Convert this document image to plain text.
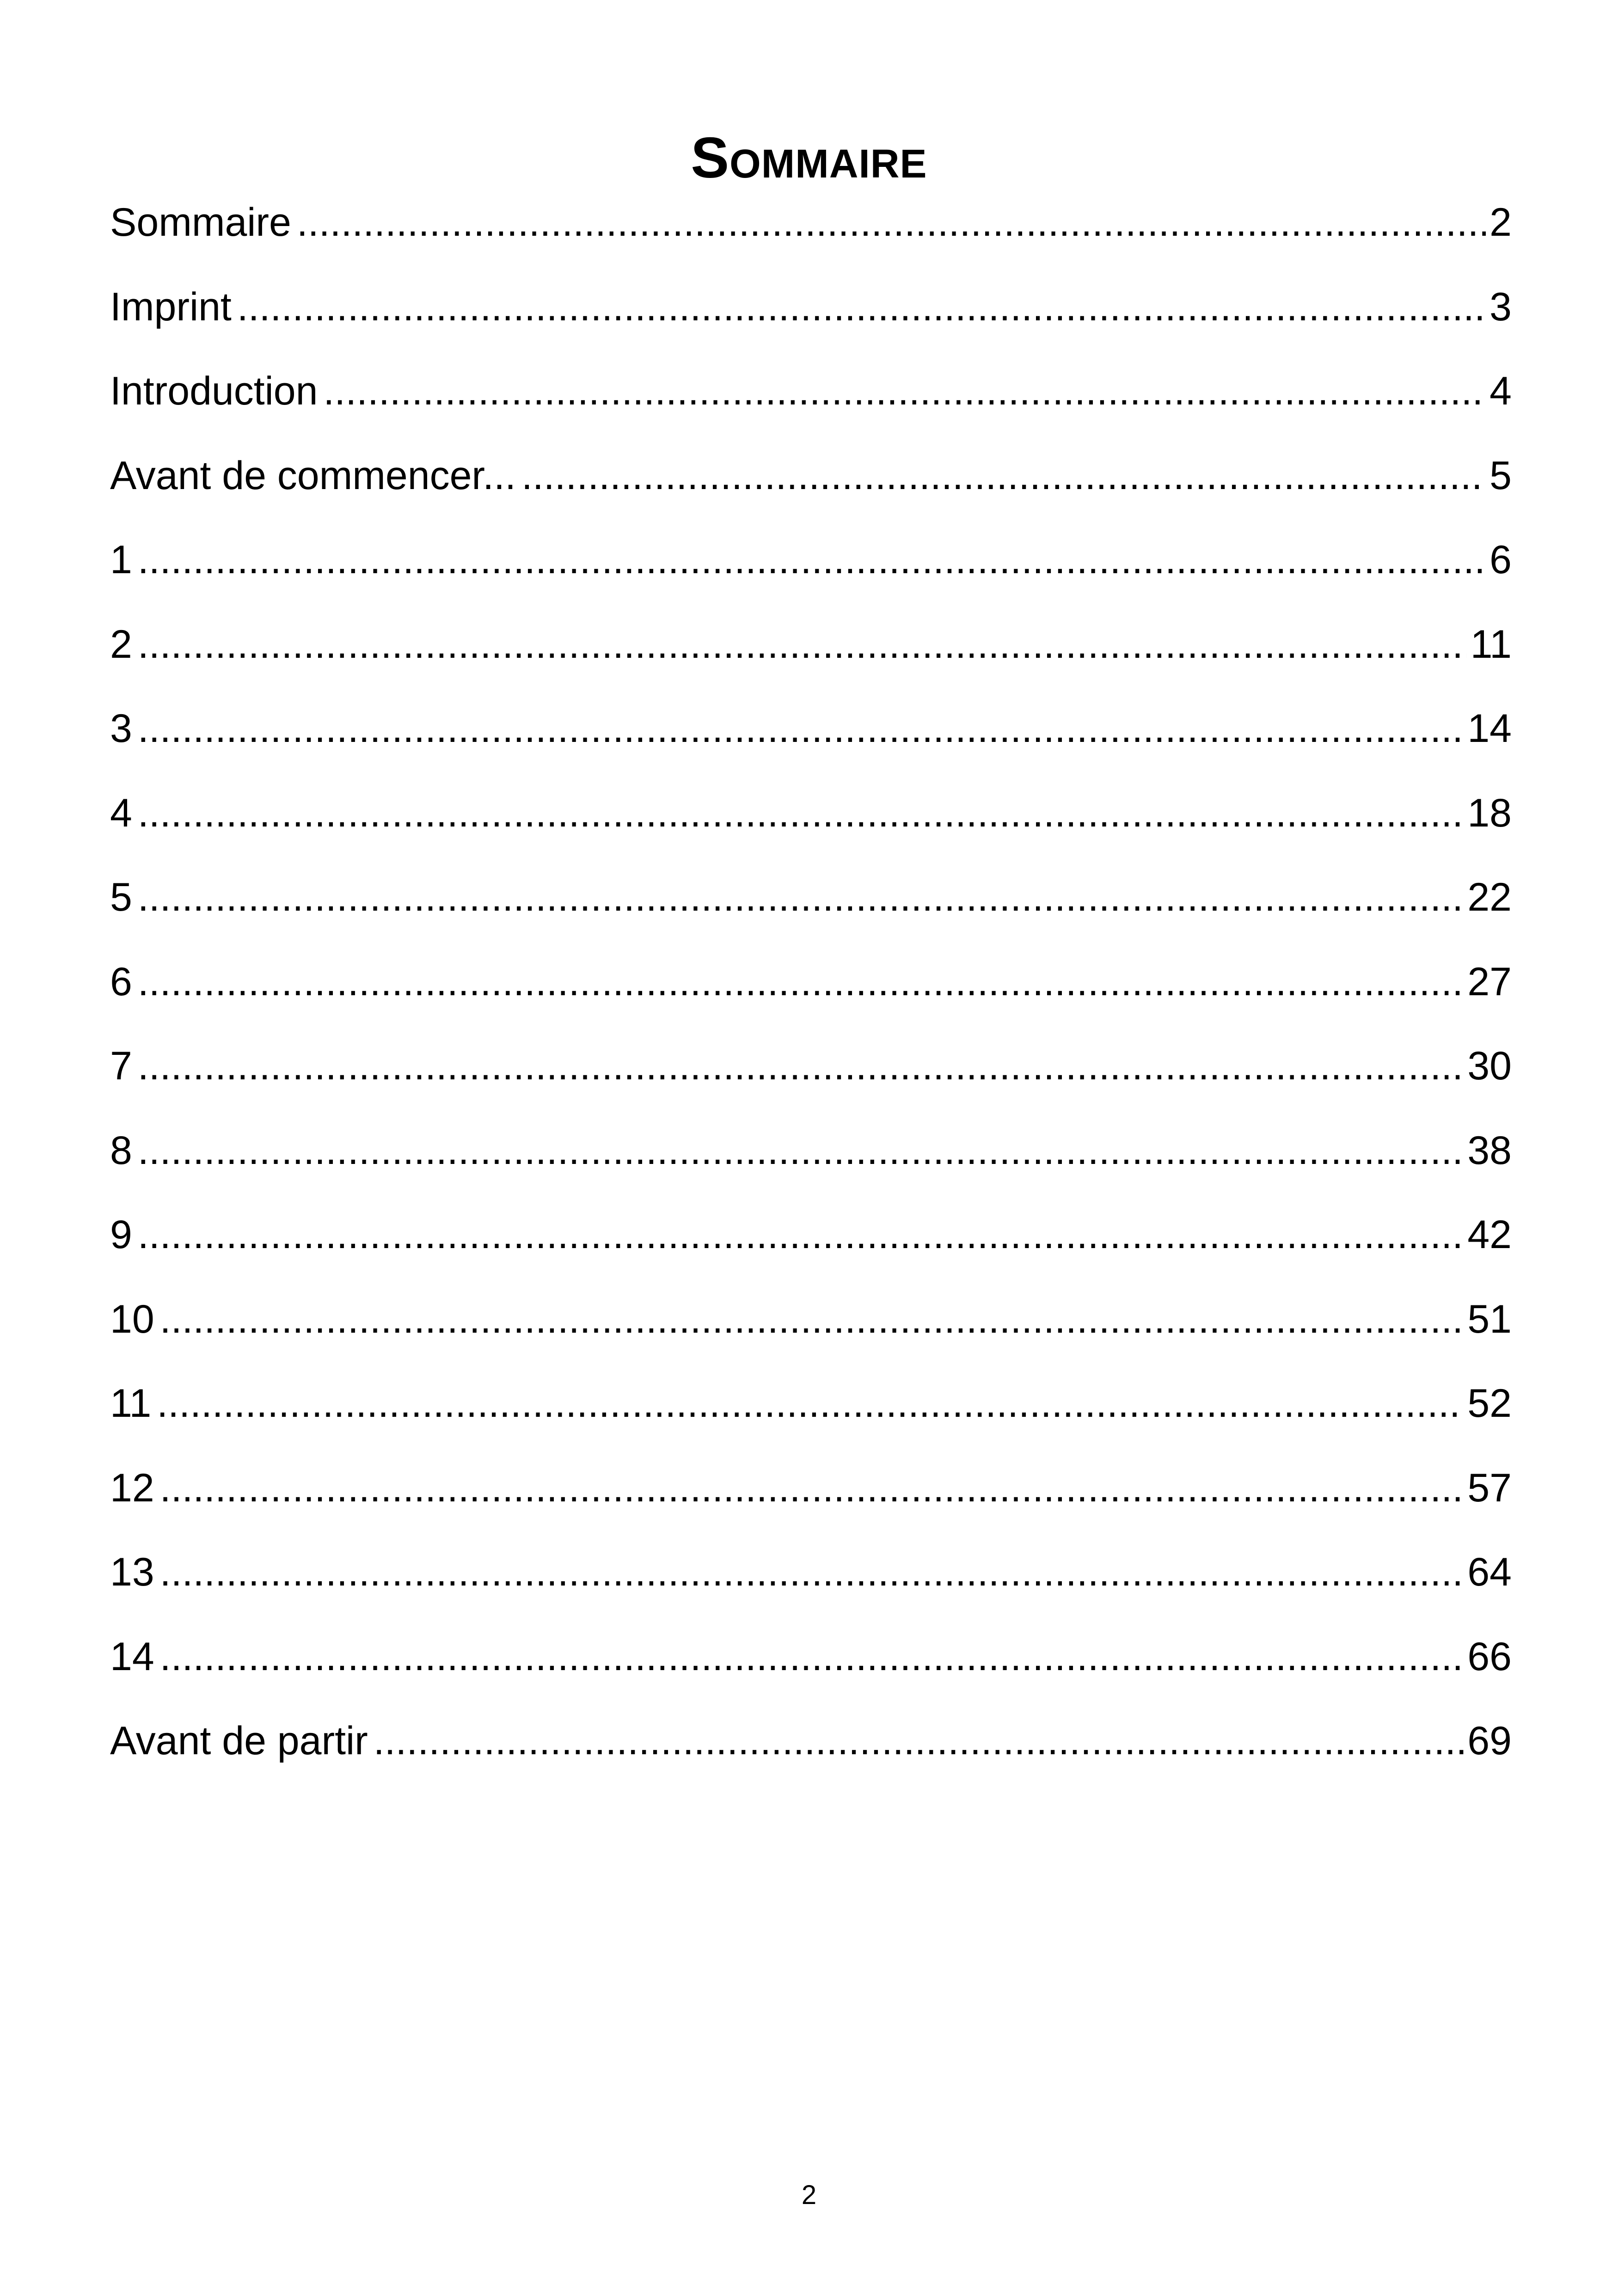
Sommaire
Sommaire .....	2
Imprint .....	3
Introduction .....	4
Avant de commencer... .....	5
1 .....	6
2 .....	11
3 .....	14
4 .....	18
5 .....	22
6 .....	27
7 .....	30
8 .....	38
9 .....	42
10 .....	51
11 .....	52
12 .....	57
13 .....	64
14 .....	66
Avant de partir .....	69
2
